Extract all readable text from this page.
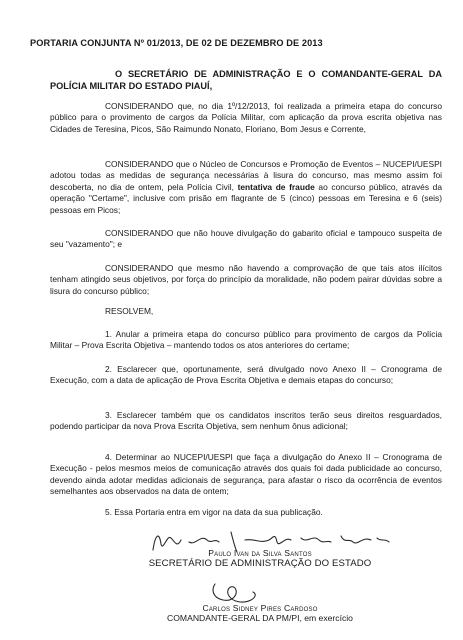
PORTARIA CONJUNTA Nº 01/2013, DE 02 DE DEZEMBRO DE 2013
O SECRETÁRIO DE ADMINISTRAÇÃO E O COMANDANTE-GERAL DA POLÍCIA MILITAR DO ESTADO PIAUÍ,
CONSIDERANDO que, no dia 1º/12/2013, foi realizada a primeira etapa do concurso público para o provimento de cargos da Polícia Militar, com aplicação da prova escrita objetiva nas Cidades de Teresina, Picos, São Raimundo Nonato, Floriano, Bom Jesus e Corrente,
CONSIDERANDO que o Núcleo de Concursos e Promoção de Eventos – NUCEPI/UESPI adotou todas as medidas de segurança necessárias à lisura do concurso, mas mesmo assim foi descoberta, no dia de ontem, pela Polícia Civil, tentativa de fraude ao concurso público, através da operação "Certame", inclusive com prisão em flagrante de 5 (cinco) pessoas em Teresina e 6 (seis) pessoas em Picos;
CONSIDERANDO que não houve divulgação do gabarito oficial e tampouco suspeita de seu "vazamento"; e
CONSIDERANDO que mesmo não havendo a comprovação de que tais atos ilícitos tenham atingido seus objetivos, por força do princípio da moralidade, não podem pairar dúvidas sobre a lisura do concurso público;
RESOLVEM,
1. Anular a primeira etapa do concurso público para provimento de cargos da Polícia Militar – Prova Escrita Objetiva – mantendo todos os atos anteriores do certame;
2. Esclarecer que, oportunamente, será divulgado novo Anexo II – Cronograma de Execução, com a data de aplicação de Prova Escrita Objetiva e demais etapas do concurso;
3. Esclarecer também que os candidatos inscritos terão seus direitos resguardados, podendo participar da nova Prova Escrita Objetiva, sem nenhum ônus adicional;
4. Determinar ao NUCEPI/UESPI que faça a divulgação do Anexo II – Cronograma de Execução - pelos mesmos meios de comunicação através dos quais foi dada publicidade ao concurso, devendo ainda adotar medidas adicionais de segurança, para afastar o risco da ocorrência de eventos semelhantes aos observados na data de ontem;
5. Essa Portaria entra em vigor na data da sua publicação.
Paulo Ivan da Silva Santos
SECRETÁRIO DE ADMINISTRAÇÃO DO ESTADO
Carlos Sidney Pires Cardoso
COMANDANTE-GERAL DA PM/PI, em exercício
